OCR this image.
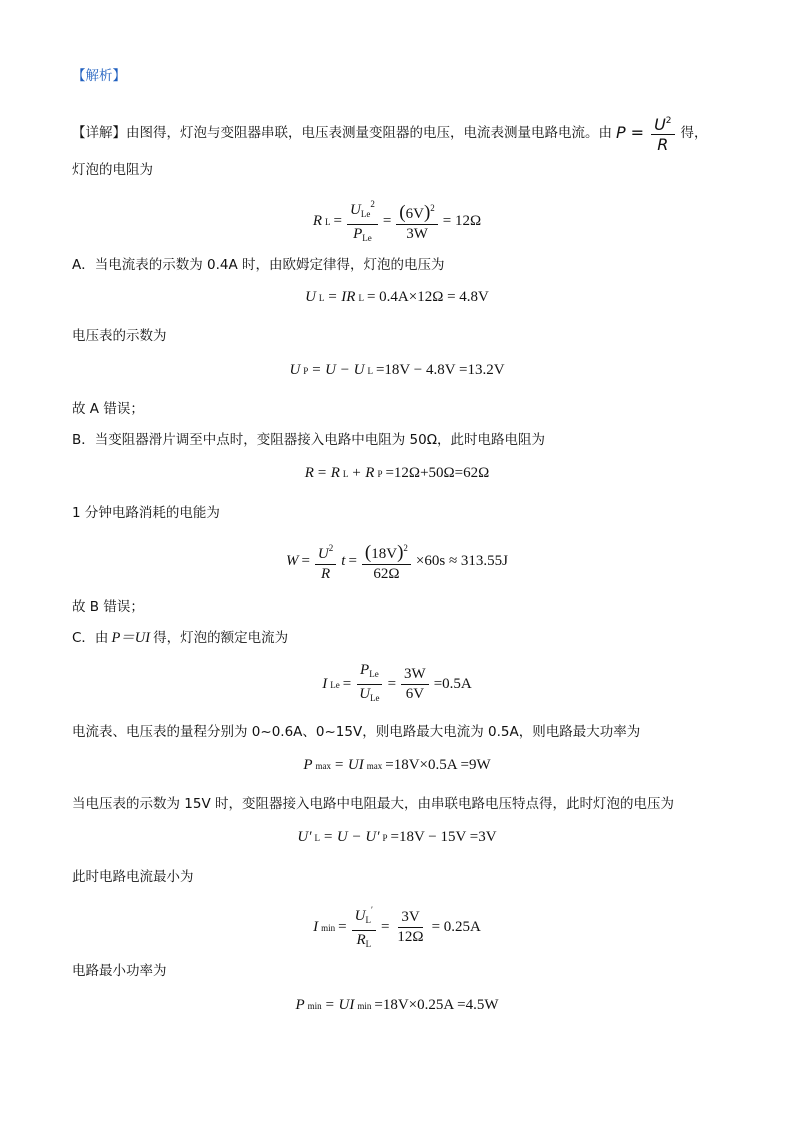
【解析】
【详解】由图得，灯泡与变阻器串联，电压表测量变阻器的电压，电流表测量电路电流。由 $P = \frac{U^2}{R}$ 得，
灯泡的电阻为
R $L = \frac{U_{Le}^2}{P_{Le}} = \frac{(6V)^2}{3W} = 12\Omega$
A．当电流表的示数为 0.4A 时，由欧姆定律得，灯泡的电压为
U L = IR L = 0.4A×12Ω = 4.8V
电压表的示数为
U P = U − U L =18V − 4.8V =13.2V
故 A 错误；
B．当变阻器滑片调至中点时，变阻器接入电路中电阻为 50Ω，此时电路电阻为
R = R L + R P =12Ω+50Ω=62Ω
1 分钟电路消耗的电能为
$W = \frac{U^2}{R}$ $t = \frac{(18V)^2}{62\Omega} \times 60s \approx 313.55J$
故 B 错误；
C．由 P＝UI 得，灯泡的额定电流为
I $Le = \frac{P_{Le}}{U_{Le}} = \frac{3W}{6V} =0.5A$
电流表、电压表的量程分别为 0~0.6A、0~15V，则电路最大电流为 0.5A，则电路最大功率为
P max = UI max =18V×0.5A =9W
当电压表的示数为 15V 时，变阻器接入电路中电阻最大，由串联电路电压特点得，此时灯泡的电压为
U′ L = U − U′ P =18V − 15V =3V
此时电路电流最小为
I $\min = \frac{U_L'}{R_L} = \frac{3V}{12\Omega} = 0.25A$
电路最小功率为
P min = UI min =18V×0.25A =4.5W
